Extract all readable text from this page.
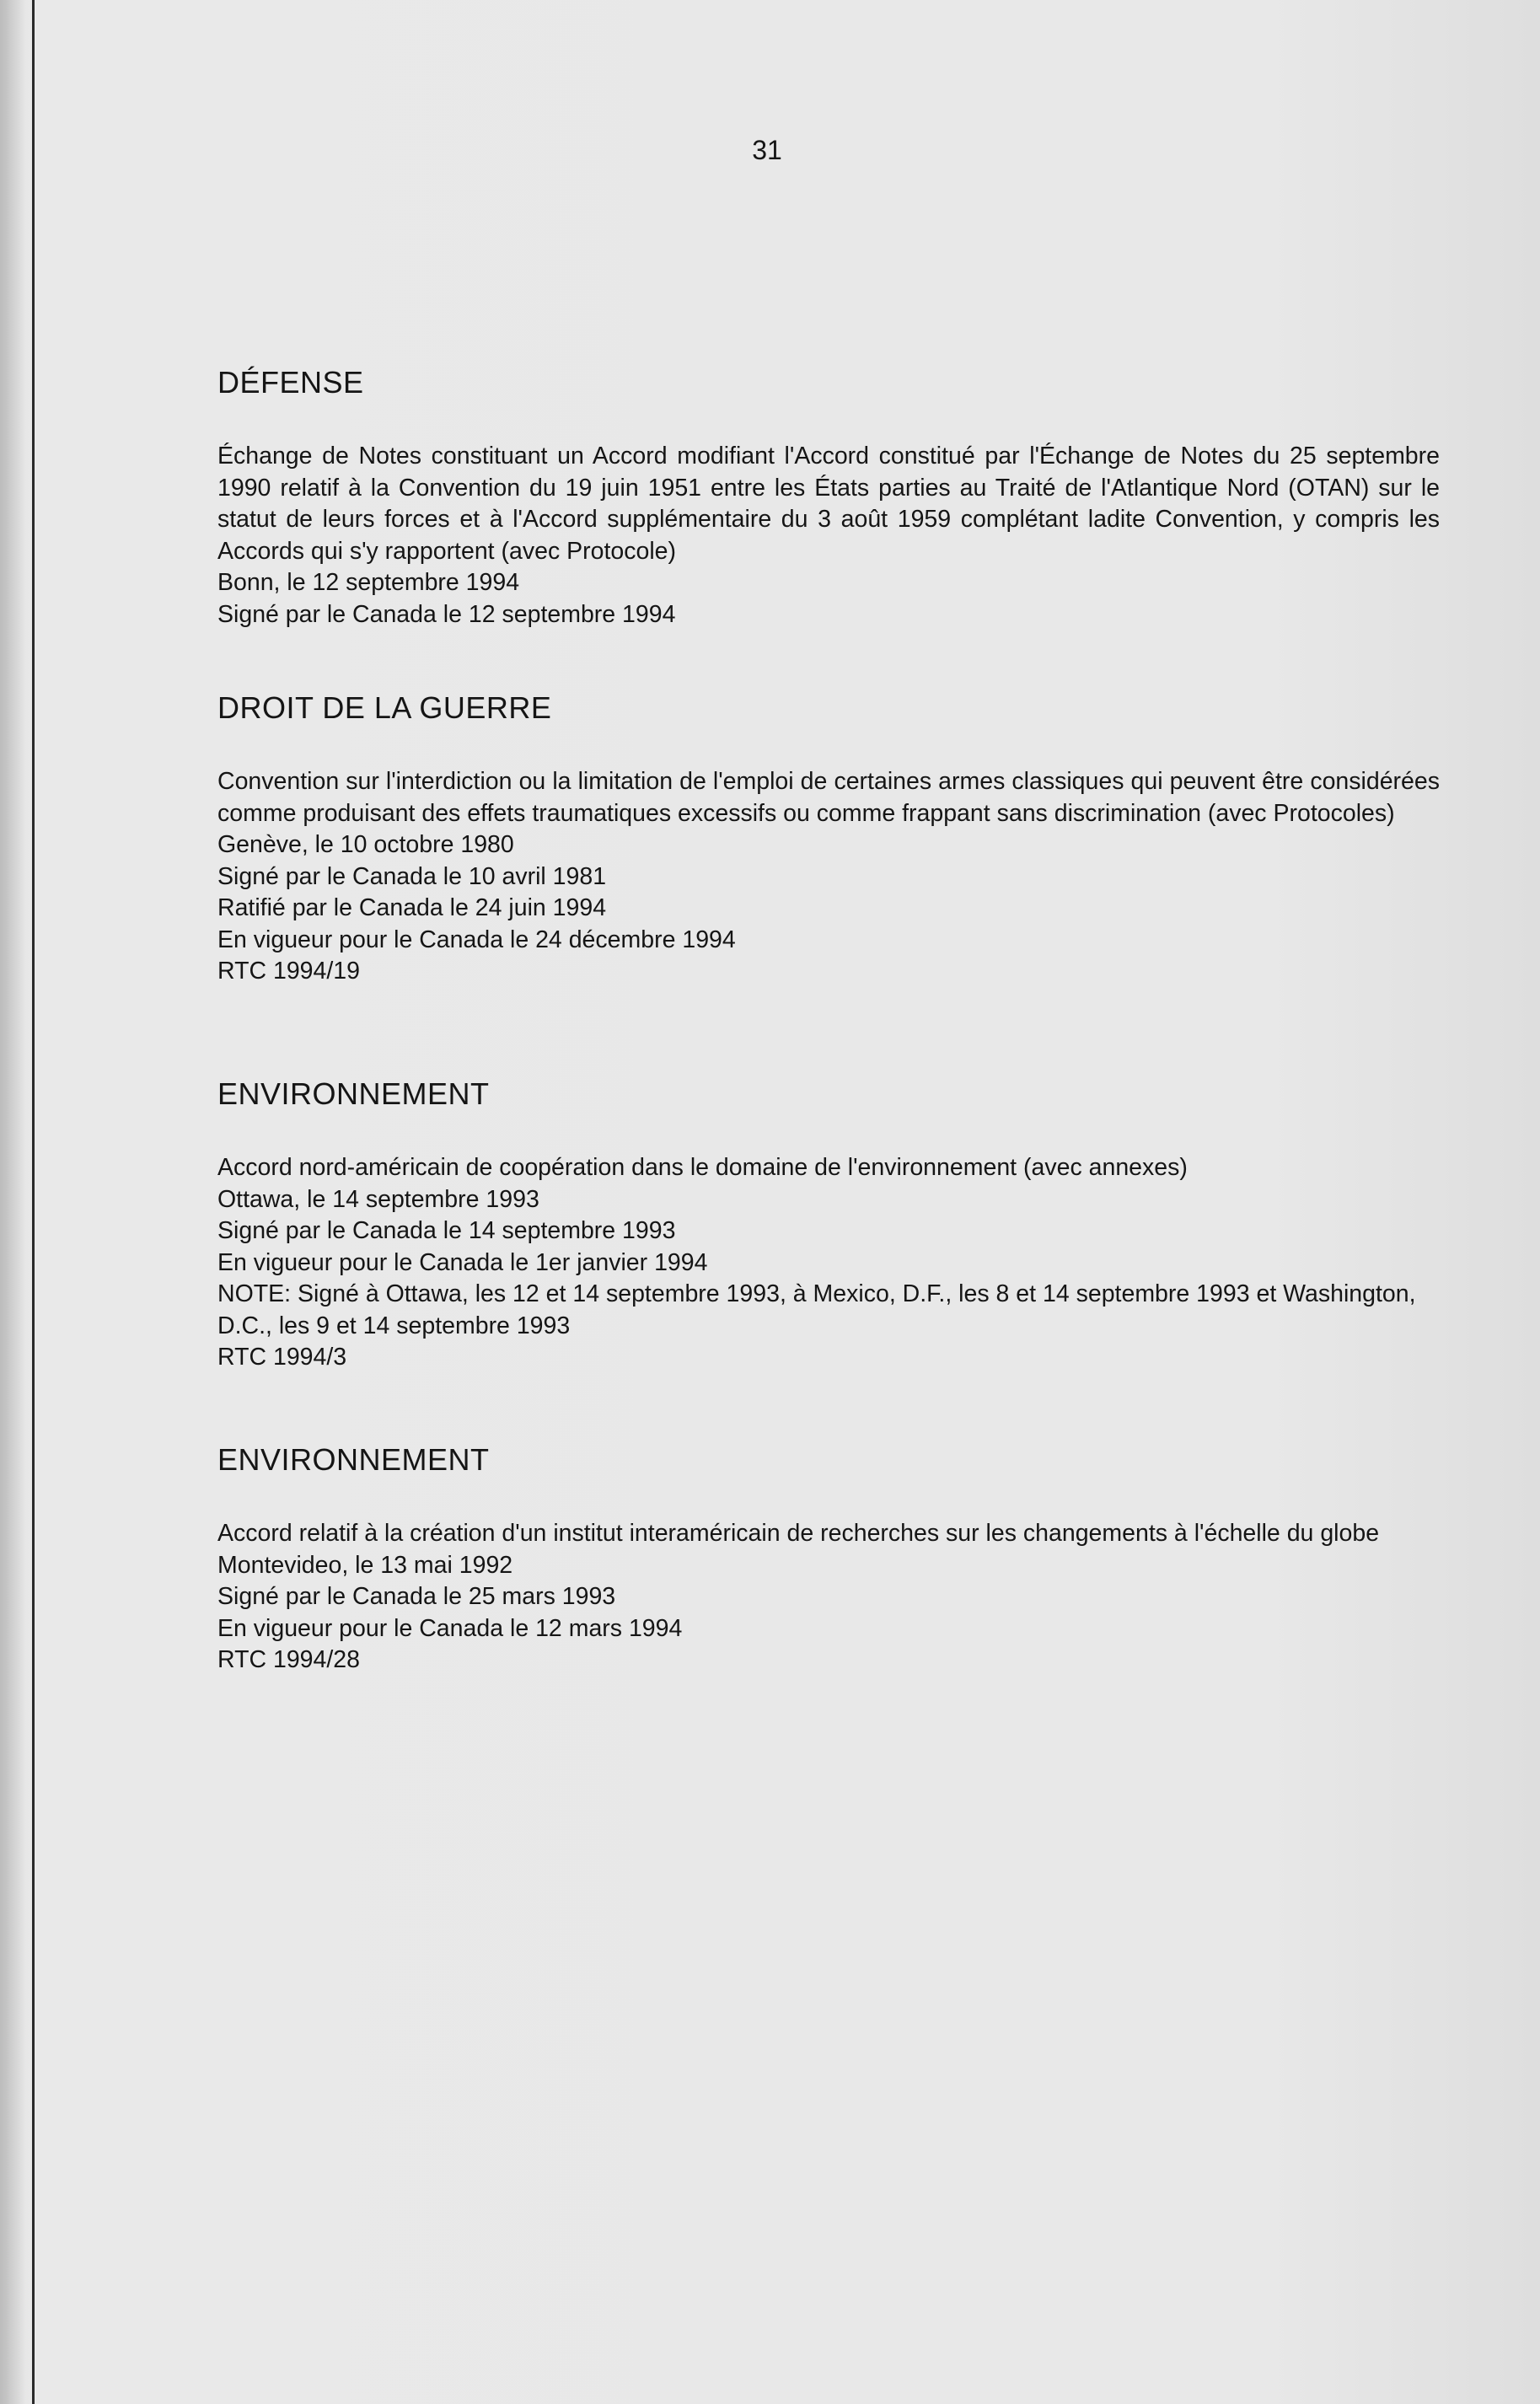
31
DÉFENSE

Échange de Notes constituant un Accord modifiant l'Accord constitué par l'Échange de Notes du 25 septembre 1990 relatif à la Convention du 19 juin 1951 entre les États parties au Traité de l'Atlantique Nord (OTAN) sur le statut de leurs forces et à l'Accord supplémentaire du 3 août 1959 complétant ladite Convention, y compris les Accords qui s'y rapportent (avec Protocole)

Bonn, le 12 septembre 1994

Signé par le Canada le 12 septembre 1994

DROIT DE LA GUERRE

Convention sur l'interdiction ou la limitation de l'emploi de certaines armes classiques qui peuvent être considérées comme produisant des effets traumatiques excessifs ou comme frappant sans discrimination (avec Protocoles)

Genève, le 10 octobre 1980

Signé par le Canada le 10 avril 1981

Ratifié par le Canada le 24 juin 1994

En vigueur pour le Canada le 24 décembre 1994

RTC 1994/19

ENVIRONNEMENT

Accord nord-américain de coopération dans le domaine de l'environnement (avec annexes)

Ottawa, le 14 septembre 1993

Signé par le Canada le 14 septembre 1993

En vigueur pour le Canada le 1er janvier 1994

NOTE: Signé à Ottawa, les 12 et 14 septembre 1993, à Mexico, D.F., les 8 et 14 septembre 1993 et Washington, D.C., les 9 et 14 septembre 1993

RTC 1994/3

ENVIRONNEMENT

Accord relatif à la création d'un institut interaméricain de recherches sur les changements à l'échelle du globe

Montevideo, le 13 mai 1992

Signé par le Canada le 25 mars 1993

En vigueur pour le Canada le 12 mars 1994

RTC 1994/28
